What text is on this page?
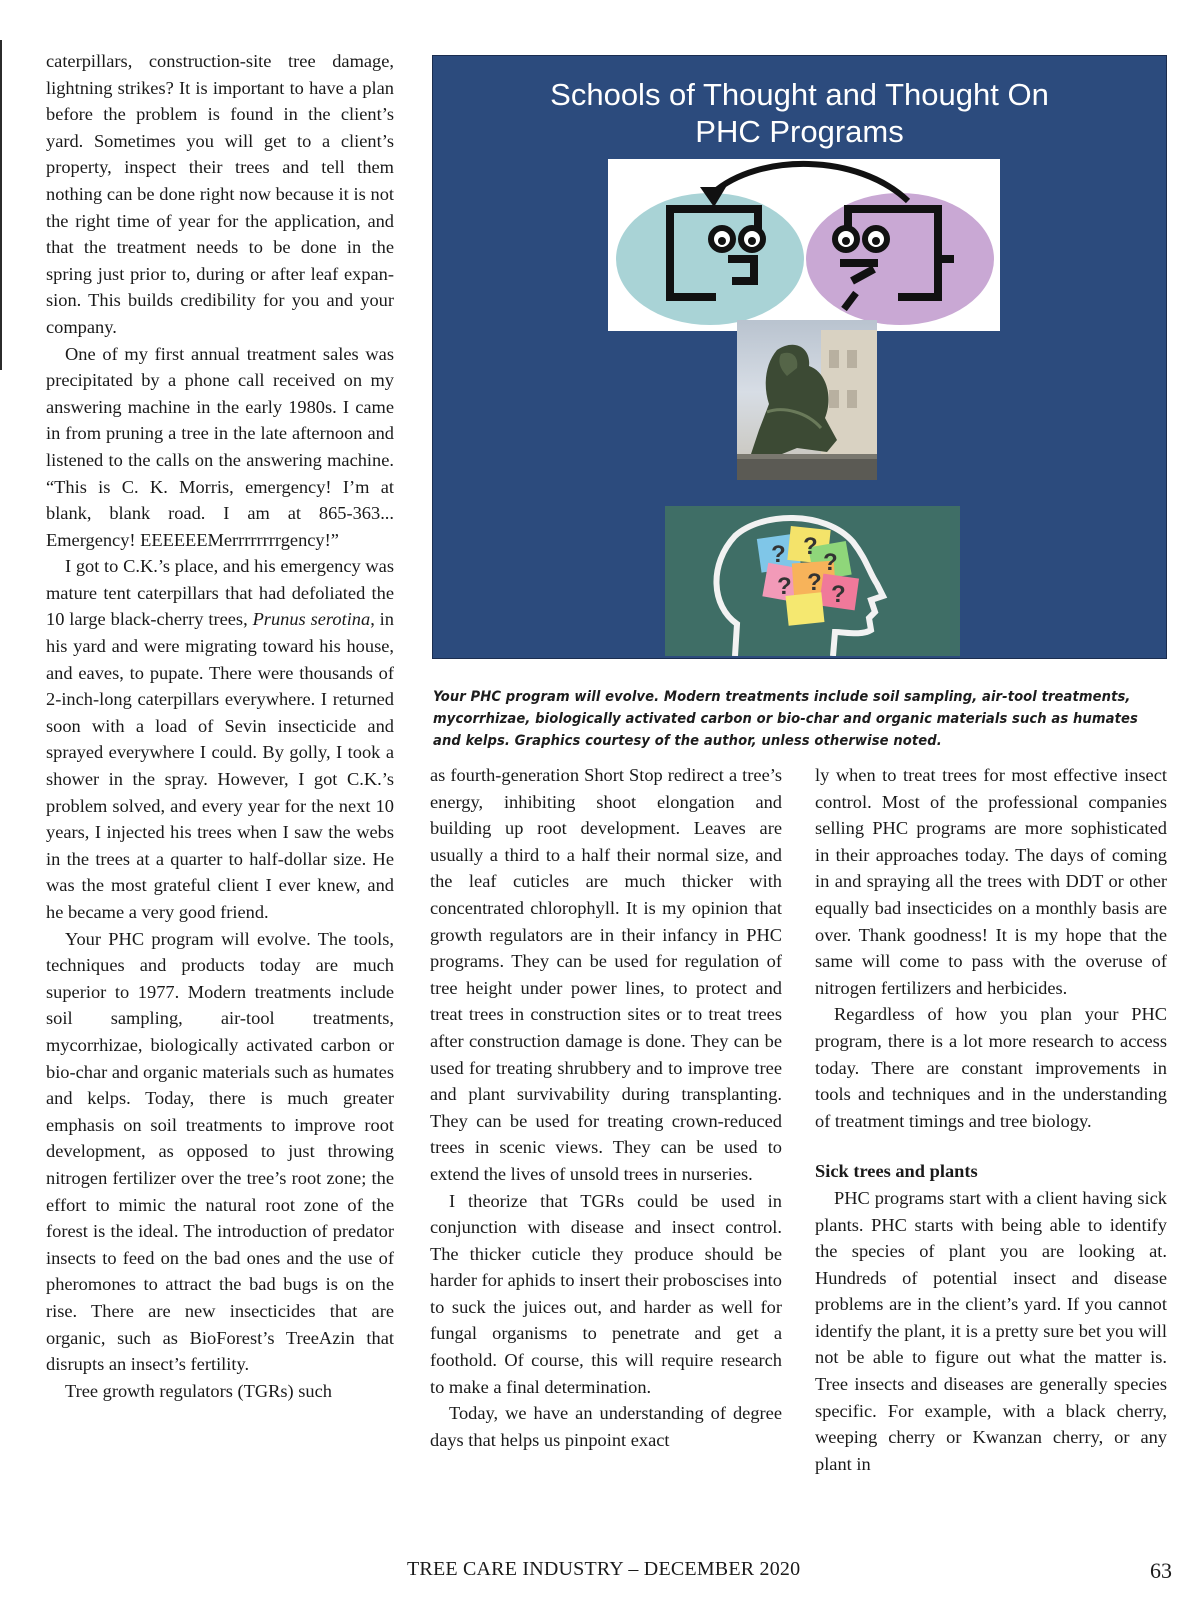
caterpillars, construction-site tree damage, lightning strikes? It is important to have a plan before the problem is found in the client’s yard. Sometimes you will get to a client’s property, inspect their trees and tell them nothing can be done right now because it is not the right time of year for the application, and that the treatment needs to be done in the spring just prior to, during or after leaf expansion. This builds credibility for you and your company.

One of my first annual treatment sales was precipitated by a phone call received on my answering machine in the early 1980s. I came in from pruning a tree in the late afternoon and listened to the calls on the answering machine. “This is C. K. Morris, emergency! I’m at blank, blank road. I am at 865-363... Emergency! EEEEEEMerrrrrrrrgency!”

I got to C.K.’s place, and his emergency was mature tent caterpillars that had defoliated the 10 large black-cherry trees, Prunus serotina, in his yard and were migrating toward his house, and eaves, to pupate. There were thousands of 2-inch-long caterpillars everywhere. I returned soon with a load of Sevin insecticide and sprayed everywhere I could. By golly, I took a shower in the spray. However, I got C.K.’s problem solved, and every year for the next 10 years, I injected his trees when I saw the webs in the trees at a quarter to half-dollar size. He was the most grateful client I ever knew, and he became a very good friend.

Your PHC program will evolve. The tools, techniques and products today are much superior to 1977. Modern treatments include soil sampling, air-tool treatments, mycorrhizae, biologically activated carbon or bio-char and organic materials such as humates and kelps. Today, there is much greater emphasis on soil treatments to improve root development, as opposed to just throwing nitrogen fertilizer over the tree’s root zone; the effort to mimic the natural root zone of the forest is the ideal. The introduction of predator insects to feed on the bad ones and the use of pheromones to attract the bad bugs is on the rise. There are new insecticides that are organic, such as BioForest’s TreeAzin that disrupts an insect’s fertility.

Tree growth regulators (TGRs) such

Schools of Thought and Thought On
PHC Programs
? ?
?
? ? ?
Your PHC program will evolve. Modern treatments include soil sampling, air-tool treatments, mycorrhizae, biologically activated carbon or bio-char and organic materials such as humates and kelps. Graphics courtesy of the author, unless otherwise noted.

as fourth-generation Short Stop redirect a tree’s energy, inhibiting shoot elongation and building up root development. Leaves are usually a third to a half their normal size, and the leaf cuticles are much thicker with concentrated chlorophyll. It is my opinion that growth regulators are in their infancy in PHC programs. They can be used for regulation of tree height under power lines, to protect and treat trees in construction sites or to treat trees after construction damage is done. They can be used for treating shrubbery and to improve tree and plant survivability during transplanting. They can be used for treating crown-reduced trees in scenic views. They can be used to extend the lives of unsold trees in nurseries.

I theorize that TGRs could be used in conjunction with disease and insect control. The thicker cuticle they produce should be harder for aphids to insert their proboscises into to suck the juices out, and harder as well for fungal organisms to penetrate and get a foothold. Of course, this will require research to make a final determination.

Today, we have an understanding of degree days that helps us pinpoint exact

ly when to treat trees for most effective insect control. Most of the professional companies selling PHC programs are more sophisticated in their approaches today. The days of coming in and spraying all the trees with DDT or other equally bad insecticides on a monthly basis are over. Thank goodness! It is my hope that the same will come to pass with the overuse of nitrogen fertilizers and herbicides.

Regardless of how you plan your PHC program, there is a lot more research to access today. There are constant improvements in tools and techniques and in the understanding of treatment timings and tree biology.

Sick trees and plants

PHC programs start with a client having sick plants. PHC starts with being able to identify the species of plant you are looking at. Hundreds of potential insect and disease problems are in the client’s yard. If you cannot identify the plant, it is a pretty sure bet you will not be able to figure out what the matter is. Tree insects and diseases are generally species specific. For example, with a black cherry, weeping cherry or Kwanzan cherry, or any plant in

TREE CARE INDUSTRY – DECEMBER 2020	63
